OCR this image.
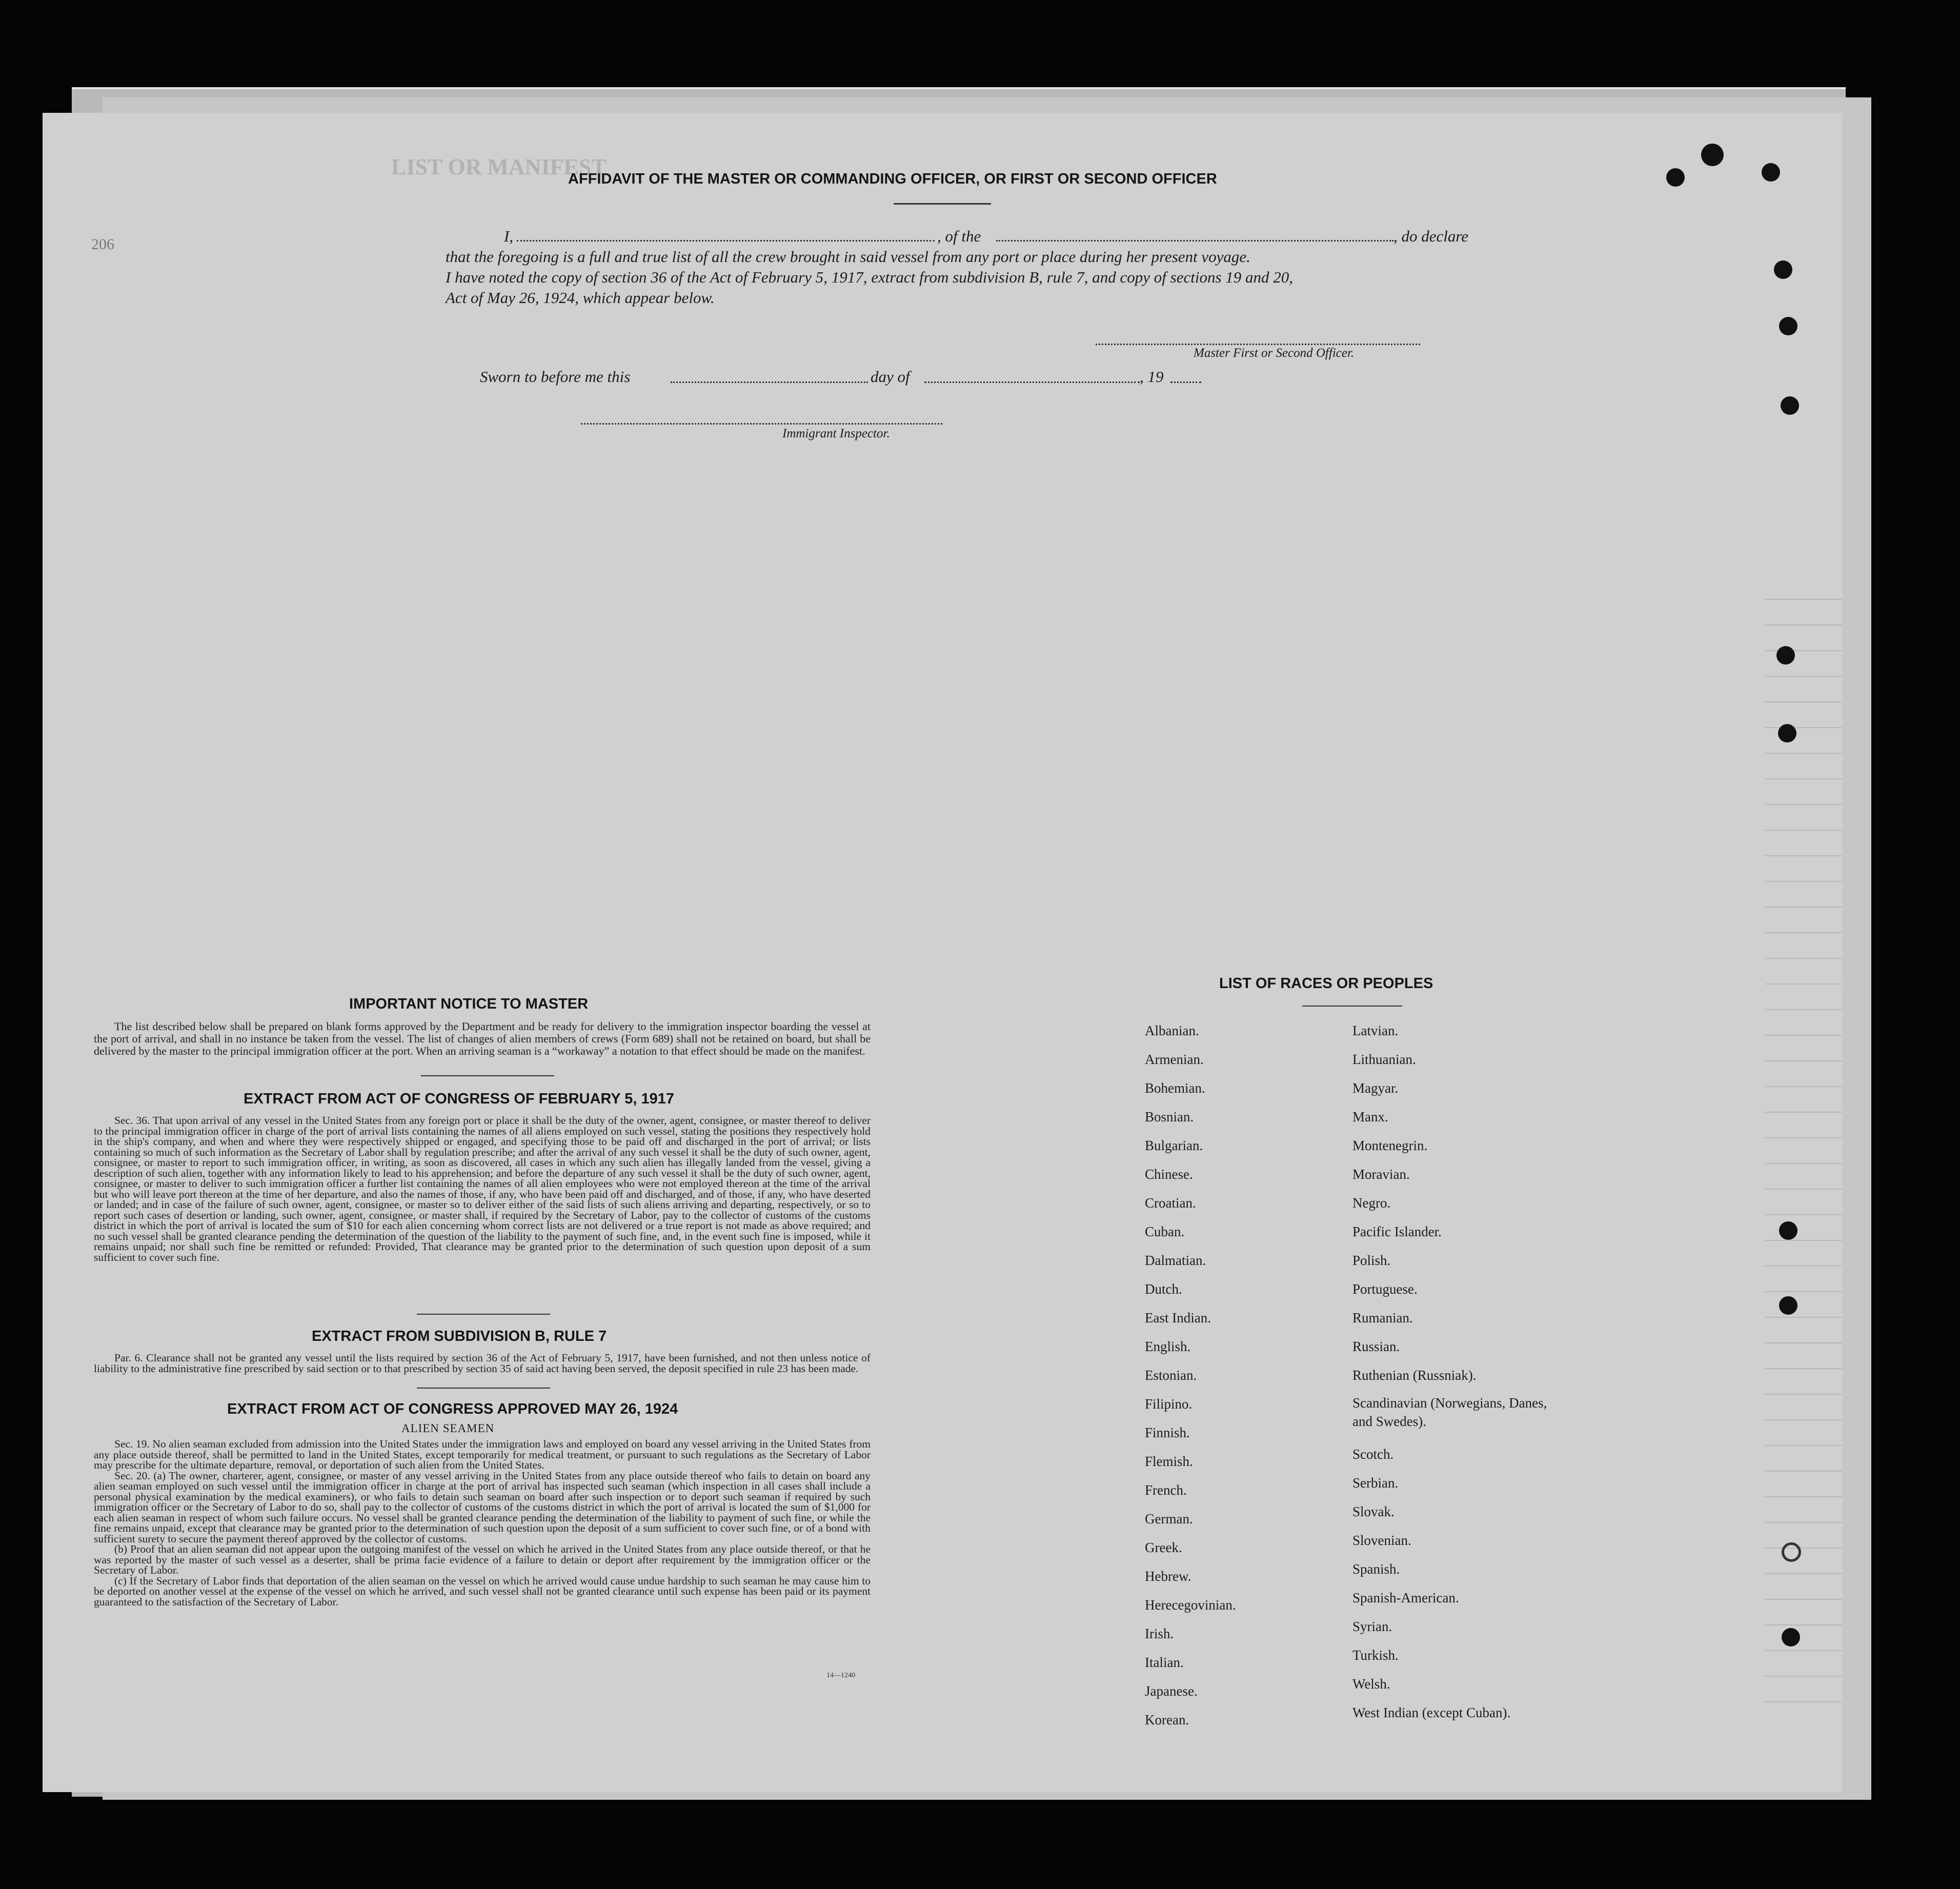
LIST OR MANIFEST
206
AFFIDAVIT OF THE MASTER OR COMMANDING OFFICER, OR FIRST OR SECOND OFFICER
I,	, of the	, do declare
that the foregoing is a full and true list of all the crew brought in said vessel from any port or place during her present voyage.
I have noted the copy of section 36 of the Act of February 5, 1917, extract from subdivision B, rule 7, and copy of sections 19 and 20,
Act of May 26, 1924, which appear below.
Master First or Second Officer.
Sworn to before me this	day of	, 19
Immigrant Inspector.
IMPORTANT NOTICE TO MASTER

The list described below shall be prepared on blank forms approved by the Department and be ready for delivery to the immigration inspector boarding the vessel at the port of arrival, and shall in no instance be taken from the vessel. The list of changes of alien members of crews (Form 689) shall not be retained on board, but shall be delivered by the master to the principal immigration officer at the port. When an arriving seaman is a “workaway” a notation to that effect should be made on the manifest.

EXTRACT FROM ACT OF CONGRESS OF FEBRUARY 5, 1917

Sec. 36. That upon arrival of any vessel in the United States from any foreign port or place it shall be the duty of the owner, agent, consignee, or master thereof to deliver to the principal immigration officer in charge of the port of arrival lists containing the names of all aliens employed on such vessel, stating the positions they respectively hold in the ship's company, and when and where they were respectively shipped or engaged, and specifying those to be paid off and discharged in the port of arrival; or lists containing so much of such information as the Secretary of Labor shall by regulation prescribe; and after the arrival of any such vessel it shall be the duty of such owner, agent, consignee, or master to report to such immigration officer, in writing, as soon as discovered, all cases in which any such alien has illegally landed from the vessel, giving a description of such alien, together with any information likely to lead to his apprehension; and before the departure of any such vessel it shall be the duty of such owner, agent, consignee, or master to deliver to such immigration officer a further list containing the names of all alien employees who were not employed thereon at the time of the arrival but who will leave port thereon at the time of her departure, and also the names of those, if any, who have been paid off and discharged, and of those, if any, who have deserted or landed; and in case of the failure of such owner, agent, consignee, or master so to deliver either of the said lists of such aliens arriving and departing, respectively, or so to report such cases of desertion or landing, such owner, agent, consignee, or master shall, if required by the Secretary of Labor, pay to the collector of customs of the customs district in which the port of arrival is located the sum of $10 for each alien concerning whom correct lists are not delivered or a true report is not made as above required; and no such vessel shall be granted clearance pending the determination of the question of the liability to the payment of such fine, and, in the event such fine is imposed, while it remains unpaid; nor shall such fine be remitted or refunded: Provided, That clearance may be granted prior to the determination of such question upon deposit of a sum sufficient to cover such fine.

EXTRACT FROM SUBDIVISION B, RULE 7

Par. 6. Clearance shall not be granted any vessel until the lists required by section 36 of the Act of February 5, 1917, have been furnished, and not then unless notice of liability to the administrative fine prescribed by said section or to that prescribed by section 35 of said act having been served, the deposit specified in rule 23 has been made.

EXTRACT FROM ACT OF CONGRESS APPROVED MAY 26, 1924
ALIEN SEAMEN

Sec. 19. No alien seaman excluded from admission into the United States under the immigration laws and employed on board any vessel arriving in the United States from any place outside thereof, shall be permitted to land in the United States, except temporarily for medical treatment, or pursuant to such regulations as the Secretary of Labor may prescribe for the ultimate departure, removal, or deportation of such alien from the United States.

Sec. 20. (a) The owner, charterer, agent, consignee, or master of any vessel arriving in the United States from any place outside thereof who fails to detain on board any alien seaman employed on such vessel until the immigration officer in charge at the port of arrival has inspected such seaman (which inspection in all cases shall include a personal physical examination by the medical examiners), or who fails to detain such seaman on board after such inspection or to deport such seaman if required by such immigration officer or the Secretary of Labor to do so, shall pay to the collector of customs of the customs district in which the port of arrival is located the sum of $1,000 for each alien seaman in respect of whom such failure occurs. No vessel shall be granted clearance pending the determination of the liability to payment of such fine, or while the fine remains unpaid, except that clearance may be granted prior to the determination of such question upon the deposit of a sum sufficient to cover such fine, or of a bond with sufficient surety to secure the payment thereof approved by the collector of customs.

(b) Proof that an alien seaman did not appear upon the outgoing manifest of the vessel on which he arrived in the United States from any place outside thereof, or that he was reported by the master of such vessel as a deserter, shall be prima facie evidence of a failure to detain or deport after requirement by the immigration officer or the Secretary of Labor.

(c) If the Secretary of Labor finds that deportation of the alien seaman on the vessel on which he arrived would cause undue hardship to such seaman he may cause him to be deported on another vessel at the expense of the vessel on which he arrived, and such vessel shall not be granted clearance until such expense has been paid or its payment guaranteed to the satisfaction of the Secretary of Labor.

14—1240
LIST OF RACES OR PEOPLES
Albanian.
Armenian.
Bohemian.
Bosnian.
Bulgarian.
Chinese.
Croatian.
Cuban.
Dalmatian.
Dutch.
East Indian.
English.
Estonian.
Filipino.
Finnish.
Flemish.
French.
German.
Greek.
Hebrew.
Herecegovinian.
Irish.
Italian.
Japanese.
Korean.
Latvian.
Lithuanian.
Magyar.
Manx.
Montenegrin.
Moravian.
Negro.
Pacific Islander.
Polish.
Portuguese.
Rumanian.
Russian.
Ruthenian (Russniak).
Scandinavian (Norwegians, Danes, and Swedes).
Scotch.
Serbian.
Slovak.
Slovenian.
Spanish.
Spanish-American.
Syrian.
Turkish.
Welsh.
West Indian (except Cuban).
